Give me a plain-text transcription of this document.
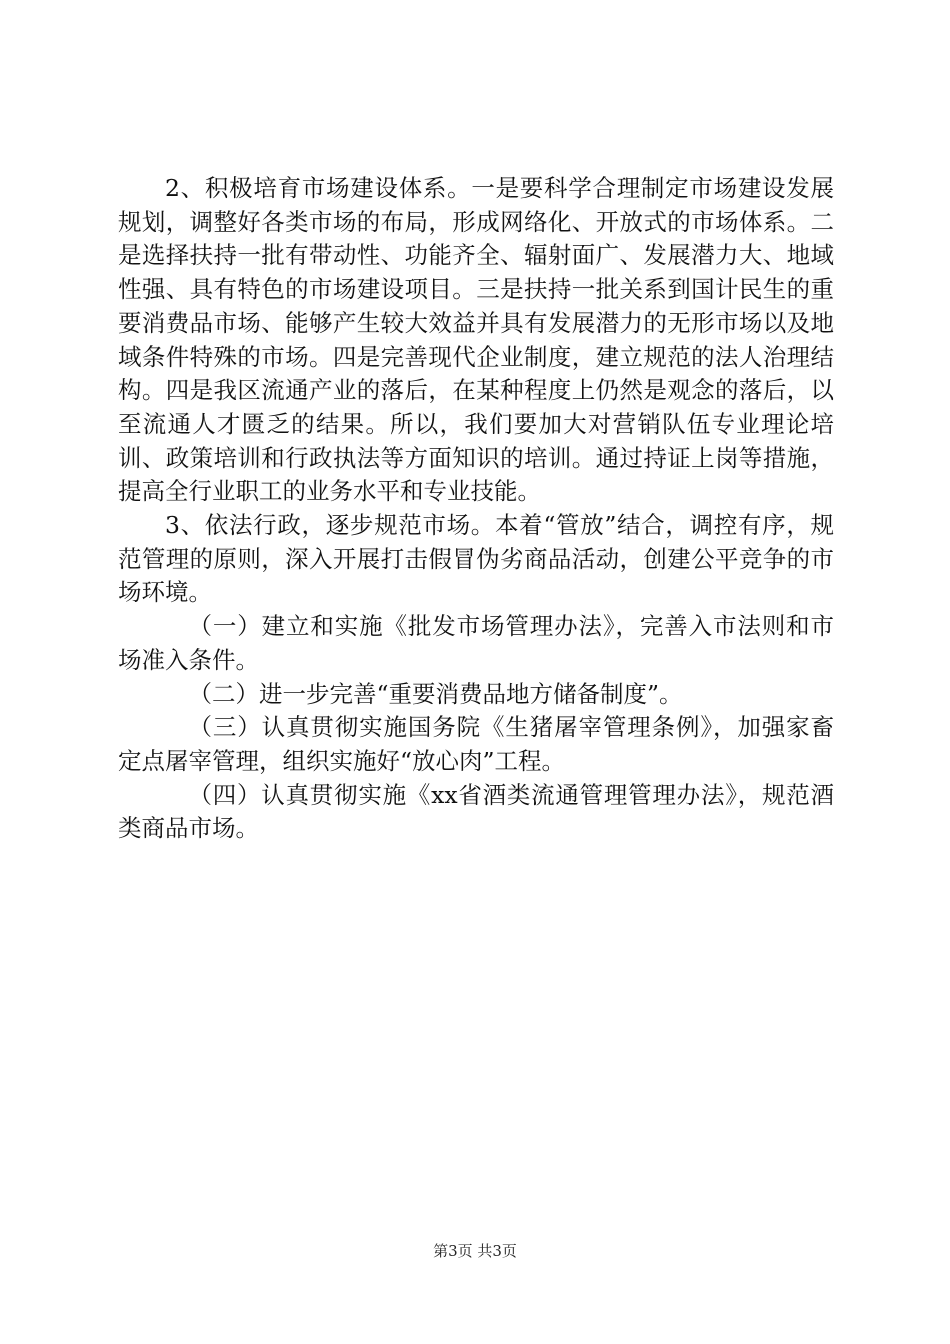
2、积极培育市场建设体系。一是要科学合理制定市场建设发展规划，调整好各类市场的布局，形成网络化、开放式的市场体系。二是选择扶持一批有带动性、功能齐全、辐射面广、发展潜力大、地域性强、具有特色的市场建设项目。三是扶持一批关系到国计民生的重要消费品市场、能够产生较大效益并具有发展潜力的无形市场以及地域条件特殊的市场。四是完善现代企业制度，建立规范的法人治理结构。四是我区流通产业的落后，在某种程度上仍然是观念的落后，以至流通人才匮乏的结果。所以，我们要加大对营销队伍专业理论培训、政策培训和行政执法等方面知识的培训。通过持证上岗等措施，提高全行业职工的业务水平和专业技能。

3、依法行政，逐步规范市场。本着“管放”结合，调控有序，规范管理的原则，深入开展打击假冒伪劣商品活动，创建公平竞争的市场环境。

（一）建立和实施《批发市场管理办法》，完善入市法则和市场准入条件。

（二）进一步完善“重要消费品地方储备制度”。

（三）认真贯彻实施国务院《生猪屠宰管理条例》，加强家畜定点屠宰管理，组织实施好“放心肉”工程。

（四）认真贯彻实施《xx省酒类流通管理管理办法》，规范酒类商品市场。

第3页 共3页
